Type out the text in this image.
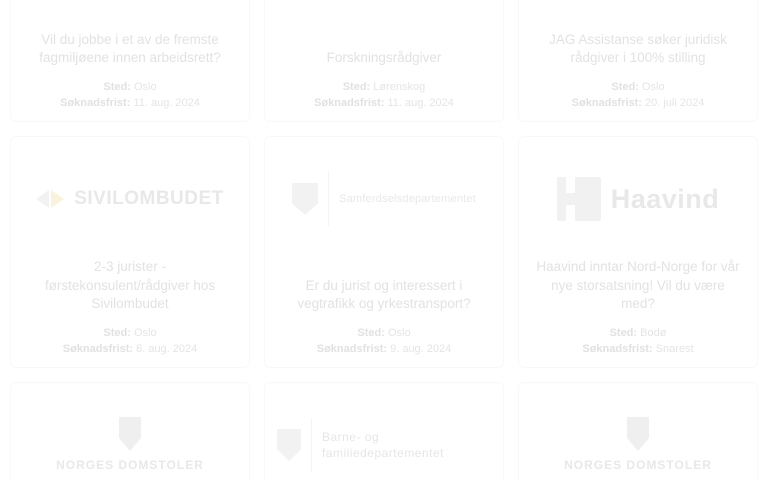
Vil du jobbe i et av de fremste fagmiljøene innen arbeidsrett?
Sted: Oslo
Søknadsfrist: 11. aug. 2024
Forskningsrådgiver
Sted: Lørenskog
Søknadsfrist: 11. aug. 2024
JAG Assistanse søker juridisk rådgiver i 100% stilling
Sted: Oslo
Søknadsfrist: 20. juli 2024
SIVILOMBUDET
2-3 jurister - førstekonsulent/rådgiver hos Sivilombudet
Sted: Oslo
Søknadsfrist: 6. aug. 2024
Samferdselsdepartementet
Er du jurist og interessert i vegtrafikk og yrkestransport?
Sted: Oslo
Søknadsfrist: 9. aug. 2024
Haavind
Haavind inntar Nord-Norge for vår nye storsatsning! Vil du være med?
Sted: Bodø
Søknadsfrist: Snarest
NORGES DOMSTOLER
Barne- og familiedepartementet
NORGES DOMSTOLER
